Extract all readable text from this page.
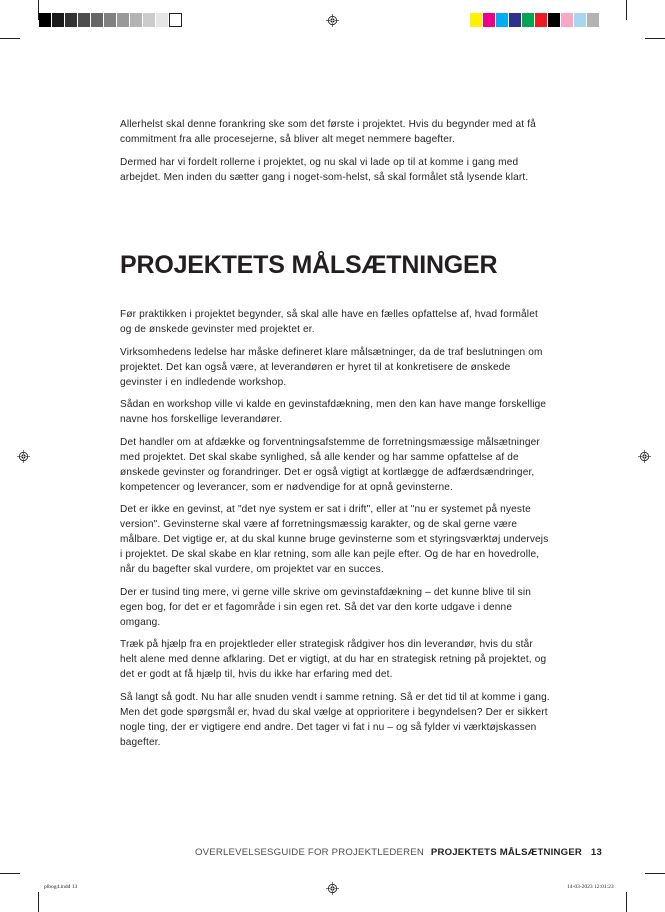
Allerhelst skal denne forankring ske som det første i projektet. Hvis du begynder med at få commitment fra alle procesejerne, så bliver alt meget nemmere bagefter.

Dermed har vi fordelt rollerne i projektet, og nu skal vi lade op til at komme i gang med arbejdet. Men inden du sætter gang i noget-som-helst, så skal formålet stå lysende klart.

PROJEKTETS MÅLSÆTNINGER

Før praktikken i projektet begynder, så skal alle have en fælles opfattelse af, hvad formålet og de ønskede gevinster med projektet er.

Virksomhedens ledelse har måske defineret klare målsætninger, da de traf beslutningen om projektet. Det kan også være, at leverandøren er hyret til at konkretisere de ønskede gevinster i en indledende workshop.

Sådan en workshop ville vi kalde en gevinstafdækning, men den kan have mange forskellige navne hos forskellige leverandører.

Det handler om at afdække og forventningsafstemme de forretningsmæssige målsætninger med projektet. Det skal skabe synlighed, så alle kender og har samme opfattelse af de ønskede gevinster og forandringer. Det er også vigtigt at kortlægge de adfærdsændringer, kompetencer og leverancer, som er nødvendige for at opnå gevinsterne.

Det er ikke en gevinst, at "det nye system er sat i drift", eller at "nu er systemet på nyeste version". Gevinsterne skal være af forretningsmæssig karakter, og de skal gerne være målbare. Det vigtige er, at du skal kunne bruge gevinsterne som et styringsværktøj undervejs i projektet. De skal skabe en klar retning, som alle kan pejle efter. Og de har en hovedrolle, når du bagefter skal vurdere, om projektet var en succes.

Der er tusind ting mere, vi gerne ville skrive om gevinstafdækning – det kunne blive til sin egen bog, for det er et fagområde i sin egen ret. Så det var den korte udgave i denne omgang.

Træk på hjælp fra en projektleder eller strategisk rådgiver hos din leverandør, hvis du står helt alene med denne afklaring. Det er vigtigt, at du har en strategisk retning på projektet, og det er godt at få hjælp til, hvis du ikke har erfaring med det.

Så langt så godt. Nu har alle snuden vendt i samme retning. Så er det tid til at komme i gang. Men det gode spørgsmål er, hvad du skal vælge at opprioritere i begyndelsen? Der er sikkert nogle ting, der er vigtigere end andre. Det tager vi fat i nu – og så fylder vi værktøjskassen bagefter.

OVERLEVELSESGUIDE FOR PROJEKTLEDEREN PROJEKTETS MÅLSÆTNINGER 13
plbog4.indd 13	14-03-2023 12:01:23
